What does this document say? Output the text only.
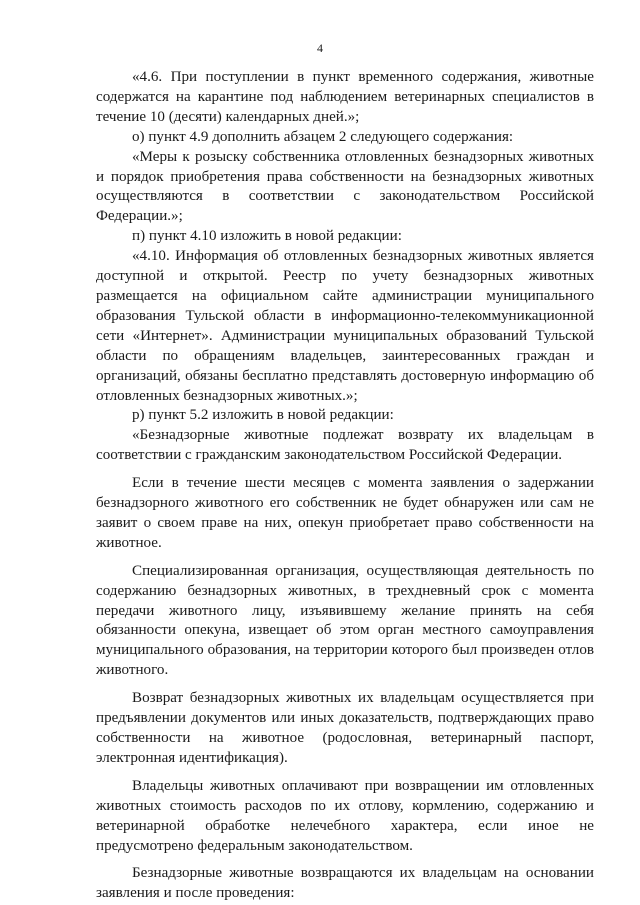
4

«4.6. При поступлении в пункт временного содержания, животные содержатся на карантине под наблюдением ветеринарных специалистов в течение 10 (десяти) календарных дней.»;

о) пункт 4.9 дополнить абзацем 2 следующего содержания:

«Меры к розыску собственника отловленных безнадзорных животных и порядок приобретения права собственности на безнадзорных животных осуществляются в соответствии с законодательством Российской Федерации.»;

п) пункт 4.10 изложить в новой редакции:

«4.10. Информация об отловленных безнадзорных животных является доступной и открытой. Реестр по учету безнадзорных животных размещается на официальном сайте администрации муниципального образования Тульской области в информационно-телекоммуникационной сети «Интернет». Администрации муниципальных образований Тульской области по обращениям владельцев, заинтересованных граждан и организаций, обязаны бесплатно представлять достоверную информацию об отловленных безнадзорных животных.»;

р) пункт 5.2 изложить в новой редакции:

«Безнадзорные животные подлежат возврату их владельцам в соответствии с гражданским законодательством Российской Федерации.

Если в течение шести месяцев с момента заявления о задержании безнадзорного животного его собственник не будет обнаружен или сам не заявит о своем праве на них, опекун приобретает право собственности на животное.

Специализированная организация, осуществляющая деятельность по содержанию безнадзорных животных, в трехдневный срок с момента передачи животного лицу, изъявившему желание принять на себя обязанности опекуна, извещает об этом орган местного самоуправления муниципального образования, на территории которого был произведен отлов животного.

Возврат безнадзорных животных их владельцам осуществляется при предъявлении документов или иных доказательств, подтверждающих право собственности на животное (родословная, ветеринарный паспорт, электронная идентификация).

Владельцы животных оплачивают при возвращении им отловленных животных стоимость расходов по их отлову, кормлению, содержанию и ветеринарной обработке нелечебного характера, если иное не предусмотрено федеральным законодательством.

Безнадзорные животные возвращаются их владельцам на основании заявления и после проведения:
